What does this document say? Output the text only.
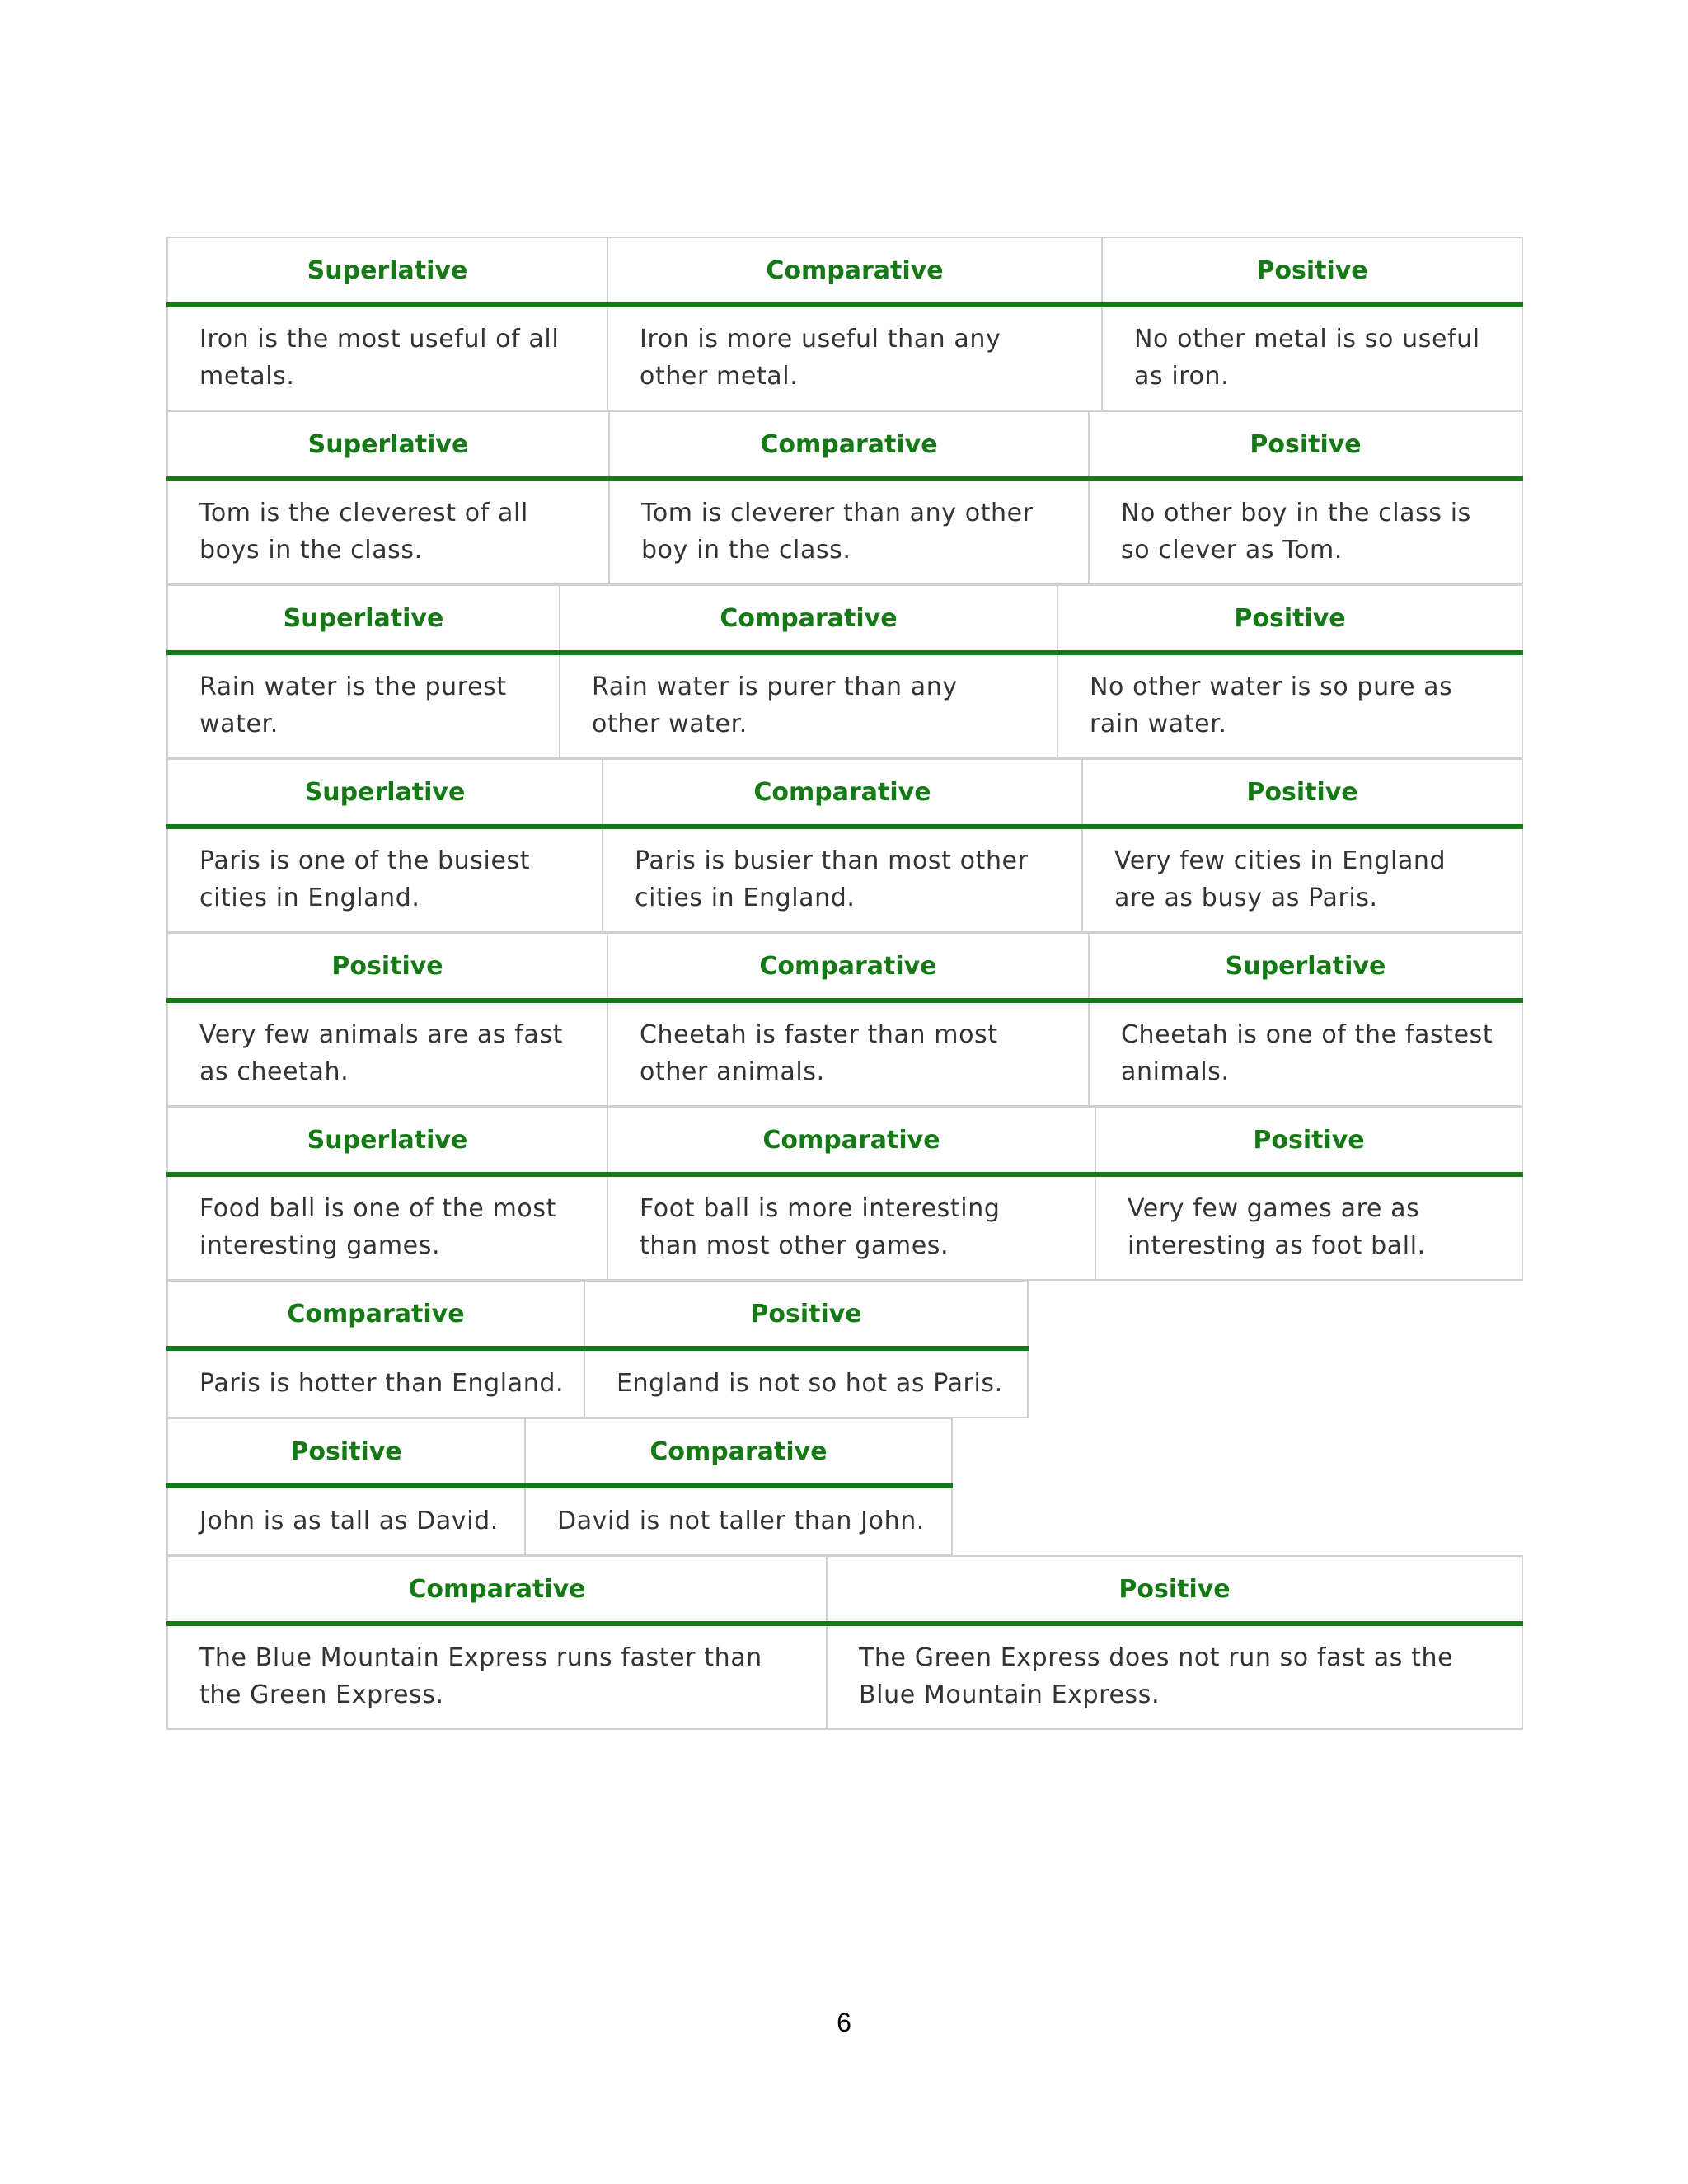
Superlative	Comparative	Positive
Iron is the most useful of all metals.	Iron is more useful than any other metal.	No other metal is so useful as iron.
Superlative	Comparative	Positive
Tom is the cleverest of all boys in the class.	Tom is cleverer than any other boy in the class.	No other boy in the class is so clever as Tom.
Superlative	Comparative	Positive
Rain water is the purest water.	Rain water is purer than any other water.	No other water is so pure as rain water.
Superlative	Comparative	Positive
Paris is one of the busiest cities in England.	Paris is busier than most other cities in England.	Very few cities in England are as busy as Paris.
Positive	Comparative	Superlative
Very few animals are as fast as cheetah.	Cheetah is faster than most other animals.	Cheetah is one of the fastest animals.
Superlative	Comparative	Positive
Food ball is one of the most interesting games.	Foot ball is more interesting than most other games.	Very few games are as interesting as foot ball.
Comparative	Positive
Paris is hotter than England.	England is not so hot as Paris.
Positive	Comparative
John is as tall as David.	David is not taller than John.
Comparative	Positive
The Blue Mountain Express runs faster than the Green Express.	The Green Express does not run so fast as the Blue Mountain Express.
6
